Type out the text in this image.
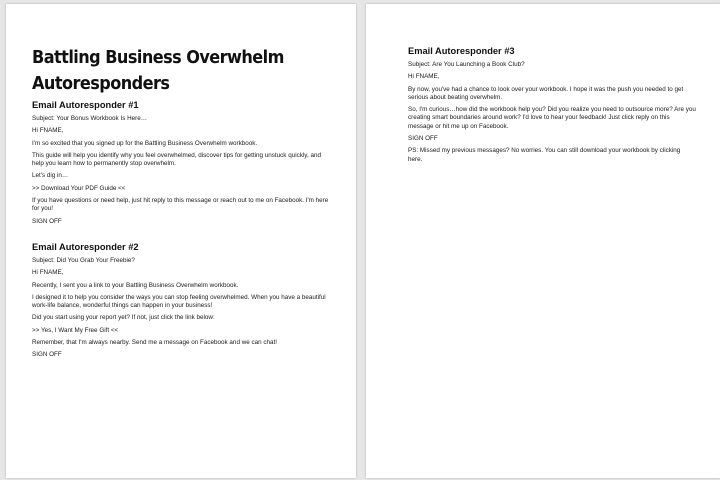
Battling Business Overwhelm
Autoresponders
Email Autoresponder #1

Subject: Your Bonus Workbook Is Here…

Hi FNAME,

I'm so excited that you signed up for the Battling Business Overwhelm workbook.

This guide will help you identify why you feel overwhelmed, discover tips for getting unstuck quickly, and help you learn how to permanently stop overwhelm.

Let's dig in…

>> Download Your PDF Guide <<

If you have questions or need help, just hit reply to this message or reach out to me on Facebook. I'm here for you!

SIGN OFF

Email Autoresponder #2

Subject: Did You Grab Your Freebie?

Hi FNAME,

Recently, I sent you a link to your Battling Business Overwhelm workbook.

I designed it to help you consider the ways you can stop feeling overwhelmed. When you have a beautiful work-life balance, wonderful things can happen in your business!

Did you start using your report yet? If not, just click the link below:

>> Yes, I Want My Free Gift <<

Remember, that I'm always nearby. Send me a message on Facebook and we can chat!

SIGN OFF

Email Autoresponder #3

Subject: Are You Launching a Book Club?

Hi FNAME,

By now, you've had a chance to look over your workbook. I hope it was the push you needed to get serious about beating overwhelm.

So, I'm curious…how did the workbook help you? Did you realize you need to outsource more? Are you creating smart boundaries around work? I'd love to hear your feedback! Just click reply on this message or hit me up on Facebook.

SIGN OFF

PS: Missed my previous messages? No worries. You can still download your workbook by clicking here.
